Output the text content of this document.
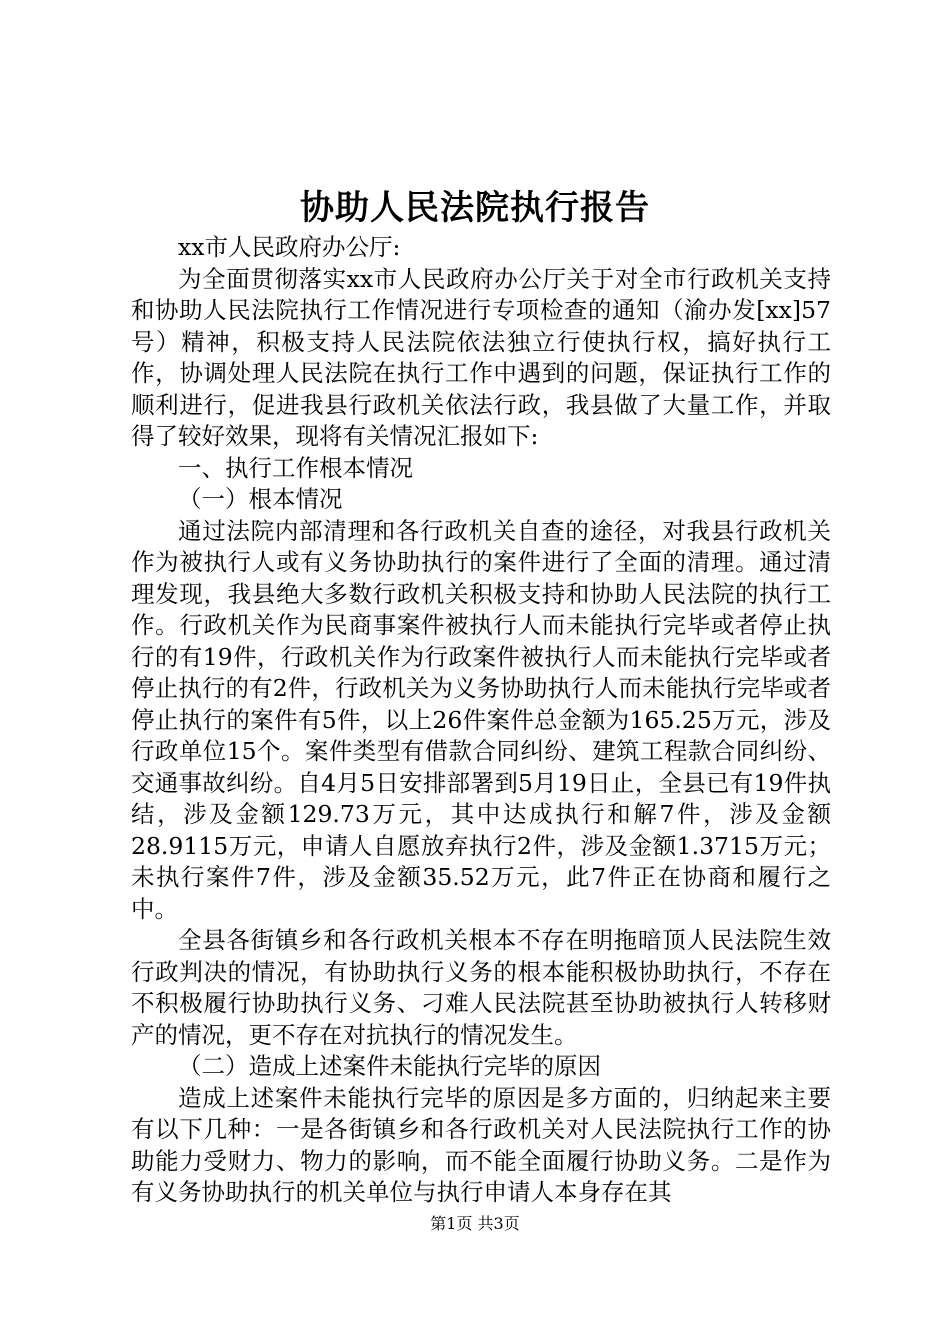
协助人民法院执行报告

xx市人民政府办公厅:

为全面贯彻落实xx市人民政府办公厅关于对全市行政机关支持和协助人民法院执行工作情况进行专项检查的通知（渝办发[xx]57号）精神，积极支持人民法院依法独立行使执行权，搞好执行工作，协调处理人民法院在执行工作中遇到的问题，保证执行工作的顺利进行，促进我县行政机关依法行政，我县做了大量工作，并取得了较好效果，现将有关情况汇报如下:

一、执行工作根本情况

（一）根本情况

通过法院内部清理和各行政机关自查的途径，对我县行政机关作为被执行人或有义务协助执行的案件进行了全面的清理。通过清理发现，我县绝大多数行政机关积极支持和协助人民法院的执行工作。行政机关作为民商事案件被执行人而未能执行完毕或者停止执行的有19件，行政机关作为行政案件被执行人而未能执行完毕或者停止执行的有2件，行政机关为义务协助执行人而未能执行完毕或者停止执行的案件有5件，以上26件案件总金额为165.25万元，涉及行政单位15个。案件类型有借款合同纠纷、建筑工程款合同纠纷、交通事故纠纷。自4月5日安排部署到5月19日止，全县已有19件执结，涉及金额129.73万元，其中达成执行和解7件，涉及金额28.9115万元，申请人自愿放弃执行2件，涉及金额1.3715万元；未执行案件7件，涉及金额35.52万元，此7件正在协商和履行之中。

全县各街镇乡和各行政机关根本不存在明拖暗顶人民法院生效行政判决的情况，有协助执行义务的根本能积极协助执行，不存在不积极履行协助执行义务、刁难人民法院甚至协助被执行人转移财产的情况，更不存在对抗执行的情况发生。

（二）造成上述案件未能执行完毕的原因

造成上述案件未能执行完毕的原因是多方面的，归纳起来主要有以下几种：一是各街镇乡和各行政机关对人民法院执行工作的协助能力受财力、物力的影响，而不能全面履行协助义务。二是作为有义务协助执行的机关单位与执行申请人本身存在其

第1页 共3页
